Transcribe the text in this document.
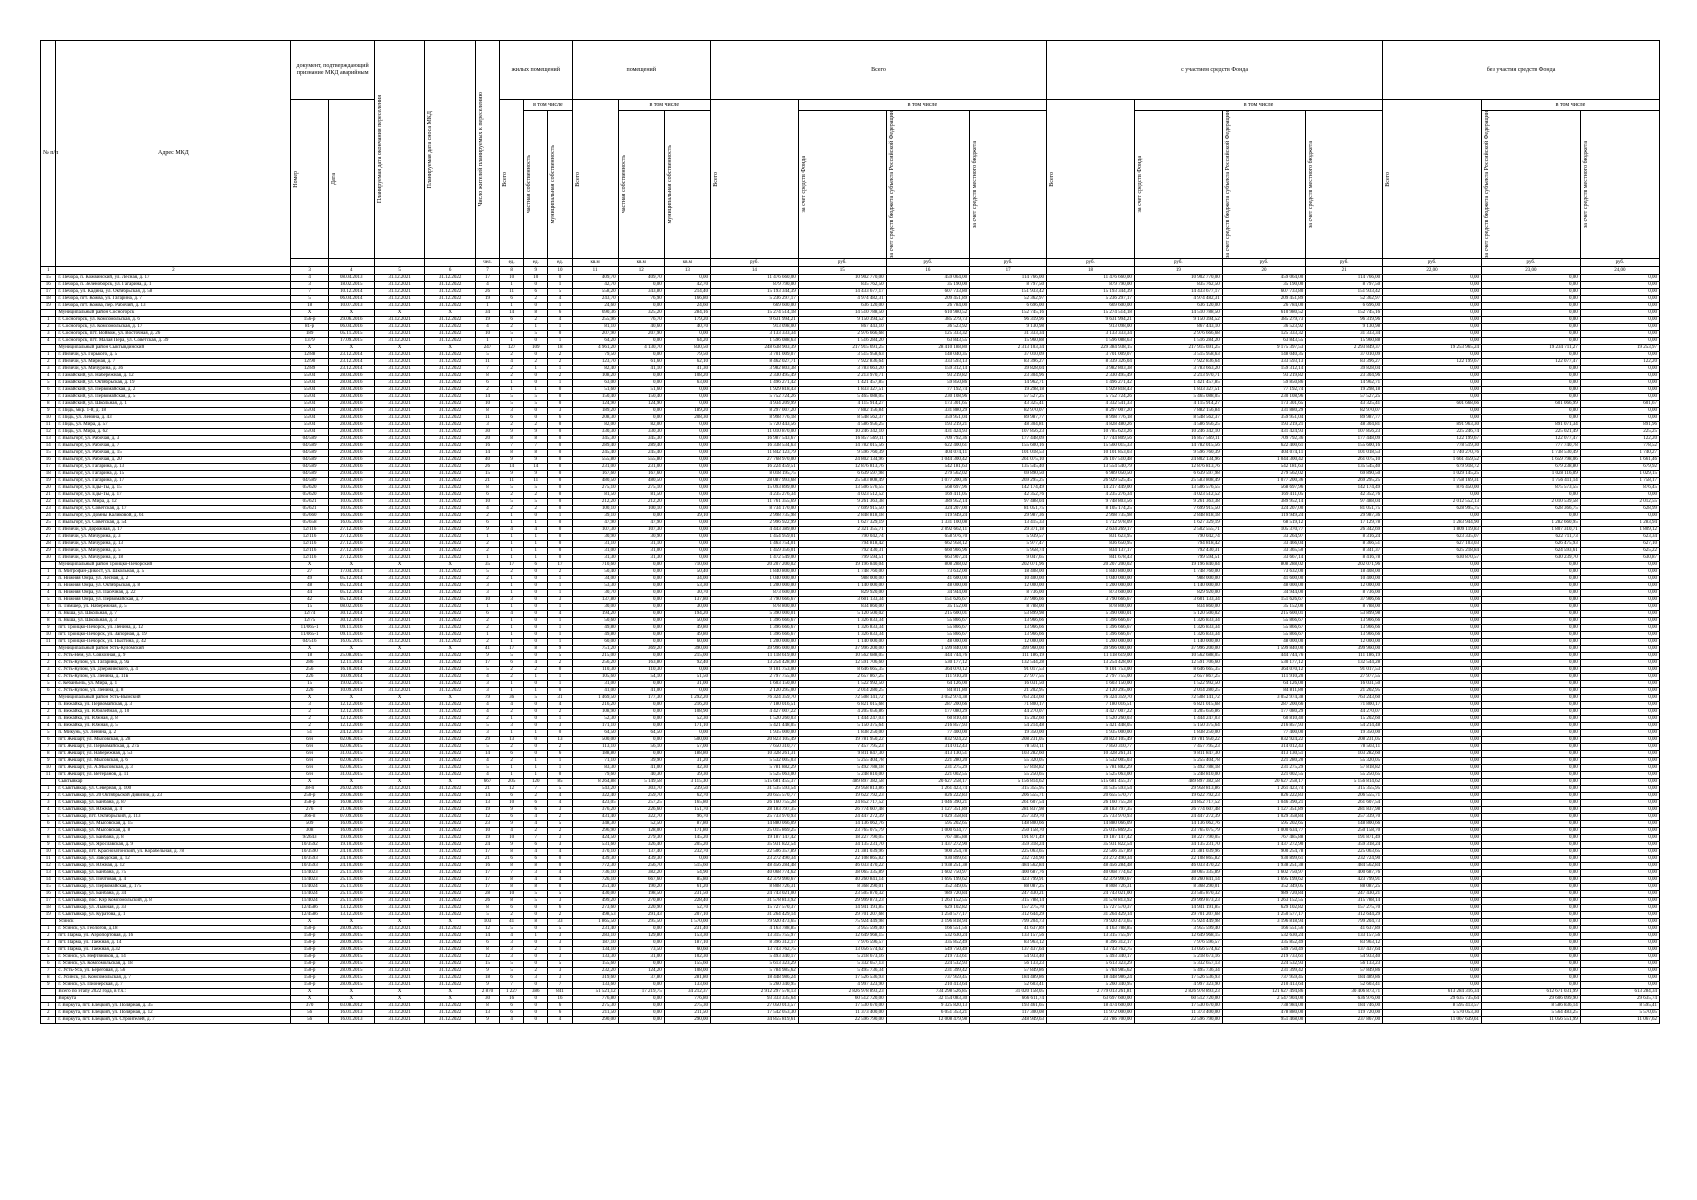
№ п/п	Адрес МКД	документ, подтверждающий признание МКД аварийным		Планируемая дата окончания переселения	Планируемая дата сноса МКД	Число жителей планируемых к переселению	жилых помещений			помещений			Всего				с участием средств Фонда				без участия средств Фонда		

		Номер	Дата				Всего	в том числе		Всего	в том числе		Всего	в том числе			Всего	в том числе			Всего	в том числе	

								частная собственность	муниципальная собственность		частная собственность	муниципальная собственность		за счет средств Фонда	за счет средств бюджета субъекта Российской Федерации	за счет средств местного бюджета		за счет средств Фонда	за счет средств бюджета субъекта Российской Федерации	за счет средств местного бюджета		за счет средств бюджета субъекта Российской Федерации	за счет средств местного бюджета

						чел.	ед.	ед.	ед.	кв.м	кв.м	кв.м	руб.	руб.	руб.	руб.	руб.	руб.	руб.	руб.	руб.	руб.	руб.
1	2	3	4	5	6	7	8	9	10	11	12	13	14	15	16	17	18	19	20	21	22,00	23,00	24,00
15	г. Печора, п. Кожвинский, ул. Лесная, д. 17	4	08.04.2013	31.12.2021	31.12.2022	17	10	10	0	409,70	409,70	0,00	11 476 660,00	10 902 770,00	459 064,00	114 766,00	11 476 660,00	10 902 770,00	459 064,00	114 766,00	0,00	0,00	0,00
16	г. Печора, п. Зеленоборск, ул. Гагарина, д. 1	3	18.02.2015	31.12.2021	31.12.2022	4	1	0	1	42,70	0,00	42,70	879 790,00	835 762,50	35 190,00	8 797,50	879 790,00	835 762,50	35 190,00	8 797,50	0,00	0,00	0,00
17	г. Печора, ул. Кадина, ул. Октябрьская, д. 58	7	10.12.2014	31.12.2021	31.12.2022	26	11	6	5	558,20	343,80	214,40	15 193 344,39	14 433 677,17	607 733,80	151 933,42	15 193 344,39	14 433 677,17	607 733,80	151 933,42	0,00	0,00	0,00
18	г. Печора, пгт. Кожва, ул. Гагарина, д. 7	5	06.04.2014	31.12.2021	31.12.2022	19	6	2	4	243,70	76,90	166,80	5 236 297,17	4 974 482,31	209 451,89	52 362,97	5 236 297,17	4 974 482,31	209 451,89	52 362,97	0,00	0,00	0,00
19	г. Печора, пгт. Кожва, пер. Рабочий, д. 13	18	10.07.2013	31.12.2021	31.12.2022	1	1	0	1	24,60	0,00	24,60	669 600,00	636 120,00	26 784,00	6 696,00	669 600,00	636 120,00	26 784,00	6 696,00	0,00	0,00	0,00
	Муниципальный район Сосногорск	X	X	X	X	34	14	8	6	690,36	325,20	284,16	15 274 514,18	14 510 788,50	610 980,52	152 745,16	15 274 514,18	14 510 788,50	610 980,52	152 745,16	0,00	0,00	0,00
1	г. Сосногорск, ул. Комсомольская, д. 6	156-р	29.06.2016	31.12.2021	31.12.2022	19	6	2	4	255,96	76,70	179,20	9 631 994,21	9 150 394,52	385 279,73	96 319,96	9 631 994,21	9 150 394,52	385 279,73	96 319,96	0,00	0,00	0,00
2	г. Сосногорск, ул. Комсомольская, д. 17	81-р	06.04.2016	31.12.2021	31.12.2022	4	2	1	1	81,10	40,60	40,70	913 098,00	867 443,10	36 523,92	9 130,98	913 098,00	867 443,10	36 523,92	9 130,98	0,00	0,00	0,00
3	г. Сосногорск, пгт. Войвож, ул. Восточная, д. 26	189	05.11.2015	31.12.2021	31.12.2022	10	5	5	0	207,90	207,90	0,00	3 133 333,34	2 976 666,68	125 333,32	31 333,34	3 133 333,34	2 976 666,68	125 333,32	31 333,34	0,00	0,00	0,00
4	г. Сосногорск, пгт. Малая Пера, ул. Советская, д. 39	1379	17.09.2015	31.12.2021	31.12.2022	1	1	0	1	64,20	0,00	64,20	1 596 088,63	1 516 284,20	63 843,55	15 960,88	1 596 088,63	1 516 284,20	63 843,55	15 960,88	0,00	0,00	0,00
	Муниципальный район Сыктывдинский	X	X	X	X	247	127	109	18	4 961,20	4 130,70	830,50	248 638 903,39	217 915 691,25	28 410 188,80	2 313 103,34	229 384 938,15	217 915 691,25	9 175 397,53	2 293 849,37	19 253 965,24	19 234 711,27	19 253,97
1	г. Инзичи, ул. Горького, д. 5	12/88	23.12.2014	31.12.2021	31.12.2022	5	2	0	2	79,50	0,00	79,50	3 701 009,07	3 515 958,63	148 040,35	37 010,09	3 701 009,07	3 515 958,63	148 040,35	37 010,09	0,00	0,00	0,00
2	г. Инзичи, ул. Мирная, д. 7	12/90	23.12.2014	31.12.2021	31.12.2022	11	4	2	2	123,70	61,60	62,10	8 462 027,71	7 922 836,64	333 593,13	83 396,27	8 339 326,04	7 922 836,64	333 593,13	83 396,27	122 199,67	122 077,47	122,20
3	г. Инзичи, ул. Мичурина, д. 36	12/89	23.12.2014	31.12.2021	31.12.2022	7	2	1	1	82,40	41,10	41,30	3 982 803,38	3 783 663,20	159 312,14	39 828,04	3 982 803,38	3 783 663,20	159 312,14	39 828,04	0,00	0,00	0,00
4	г. Гамайский, ул. Набережная, д. 12	55/04	28.04.2016	31.12.2021	31.12.2022	8	2	0	2	108,20	0,00	108,20	2 330 495,49	2 213 970,71	93 219,82	23 304,96	2 330 495,49	2 213 970,71	93 219,82	23 304,96	0,00	0,00	0,00
5	г. Гамайский, ул. Октябрьская, д. 19	55/04	28.04.2016	31.12.2021	31.12.2022	6	1	0	1	63,00	0,00	63,00	1 496 271,42	1 421 457,85	59 850,86	14 962,71	1 496 271,42	1 421 457,85	59 850,86	14 962,71	0,00	0,00	0,00
6	г. Гамайский, ул. Первомайская, д. 2	55/04	28.04.2016	31.12.2021	31.12.2022	2	1	1	0	51,60	51,60	0,00	1 929 818,43	1 833 327,51	77 192,74	19 298,18	1 929 818,43	1 833 327,51	77 192,74	19 298,18	0,00	0,00	0,00
7	г. Гамайский, ул. Первомайская, д. 5	55/04	28.04.2016	31.12.2021	31.12.2022	14	5	5	0	150,40	150,40	0,00	5 752 724,26	5 465 088,05	230 108,96	57 527,25	5 752 724,26	5 465 088,05	230 108,96	57 527,25	0,00	0,00	0,00
8	г. Гамайский, ул. Школьная, д. 1	55/04	28.04.2016	31.12.2021	31.12.2022	10	5	5	0	124,90	124,90	0,00	4 934 209,99	4 115 914,27	173 301,65	43 325,41	4 332 541,33	4 115 914,27	173 301,65	43 325,41	601 668,66	601 066,99	601,67
9	г. Пидь, мкр. 1-й, д. 18	55/04	28.04.2016	31.12.2021	31.12.2022	8	3	0	3	189,20	0,00	189,20	8 297 007,20	7 882 156,84	331 880,29	82 970,07	8 297 007,20	7 882 156,84	331 880,29	82 970,07	0,00	0,00	0,00
10	г. Пидь, ул. Ленина, д. 43	55/04	28.04.2016	31.12.2021	31.12.2022	11	6	0	6	208,30	0,00	208,30	8 998 776,18	8 548 562,37	359 951,04	89 987,77	8 998 776,18	8 548 562,37	359 951,04	89 987,77	0,00	0,00	0,00
11	г. Пидь, ул. Мира, д. 57	55/04	28.04.2016	31.12.2021	31.12.2022	3	2	2	0	82,00	82,00	0,00	5 720 443,56	4 586 956,25	193 219,21	48 304,81	4 828 480,26	4 586 956,25	193 219,21	48 304,81	891 963,30	891 071,34	891,96
12	г. Пидь, ул. Мира, д. 62	55/04	28.04.2016	31.12.2021	31.12.2022	30	9	9	0	330,30	330,30	0,00	11 010 870,00	10 246 342,10	431 424,93	107 856,23	10 785 623,26	10 246 342,10	431 424,93	107 856,23	225 246,74	225 021,49	225,25
13	г. Выльгорт, ул. Рабочая, д. 3	04/589	29.04.2016	31.12.2021	31.12.2022	20	8	8	0	345,30	345,30	0,00	16 987 543,67	16 857 569,11	709 792,36	177 448,09	17 744 809,56	16 857 569,11	709 792,36	177 448,09	122 199,67	122 077,47	122,20
14	г. Выльгорт, ул. Рабочая, д. 7	04/589	29.04.2016	31.12.2021	31.12.2022	16	7	7	0	289,40	289,40	0,00	16 338 534,63	14 782 015,56	622 400,61	155 600,16	15 560 015,33	14 782 015,56	622 400,61	155 600,16	778 519,30	777 740,78	778,52
15	г. Выльгорт, ул. Рабочая, д. 15	04/589	29.04.2016	31.12.2021	31.12.2022	14	8	8	0	245,40	245,40	0,00	11 842 123,79	9 596 760,39	404 074,11	101 018,53	10 101 853,03	9 596 760,39	404 074,11	101 018,53	1 740 270,76	1 738 530,49	1 740,27
16	г. Выльгорт, ул. Рабочая, д. 20	04/589	29.04.2016	31.12.2021	31.12.2022	40	9	9	0	555,80	555,80	0,00	27 768 970,00	24 802 134,96	1 044 300,42	261 075,10	26 107 510,48	24 802 134,96	1 044 300,42	261 075,10	1 661 459,52	1 659 798,06	1 661,46
17	г. Выльгорт, ул. Гагарина, д. 13	04/589	29.04.2016	31.12.2021	31.12.2022	26	14	14	0	231,00	231,00	0,00	16 224 459,51	12 876 813,76	542 181,63	135 545,40	13 554 540,79	12 876 813,76	542 181,63	135 545,40	679 918,72	679 238,80	679,92
18	г. Выльгорт, ул. Гагарина, д. 15	04/589	29.04.2016	31.12.2021	31.12.2022	15	9	9	0	167,60	167,60	0,00	8 018 195,75	6 639 597,98	279 562,02	69 890,50	6 989 050,50	6 639 597,98	279 562,02	69 890,50	1 029 145,25	1 028 116,09	1 029,15
19	г. Выльгорт, ул. Гагарина, д. 17	04/589	29.04.2016	31.12.2021	31.12.2022	21	11	11	0	480,50	480,50	0,00	28 087 993,68	25 583 808,49	1 077 200,36	269 295,25	26 929 525,45	25 583 808,49	1 077 200,36	269 295,25	1 758 169,31	1 756 411,14	1 758,17
20	г. Выльгорт, ул. Еды-Ты, д. 15	05/620	10.05.2016	31.12.2021	31.12.2022	8	5	5	0	275,10	275,10	0,00	15 093 899,00	13 506 576,55	568 697,96	142 174,49	14 217 449,00	13 506 576,55	568 697,96	142 174,49	876 450,00	875 573,55	876,45
21	г. Выльгорт, ул. Еды-Ты, д. 17	05/620	10.05.2016	31.12.2021	31.12.2022	6	2	2	0	81,50	81,50	0,00	4 235 276,34	4 023 512,52	169 411,05	42 352,76	4 235 276,34	4 023 512,52	169 411,05	42 352,76	0,00	0,00	0,00
22	г. Выльгорт, ул. Мира, д. 12	05/621	10.05.2016	31.12.2021	31.12.2022	10	5	5	0	212,20	212,20	0,00	11 761 355,69	9 261 363,38	389 952,14	97 488,04	9 748 803,56	9 261 363,38	389 952,14	97 488,04	2 012 552,13	2 010 539,58	2 012,55
23	г. Выльгорт, ул. Советская, д. 17	05/621	10.05.2016	31.12.2021	31.12.2022	4	2	2	0	100,10	100,10	0,00	8 734 170,00	7 699 915,50	324 207,00	81 051,75	8 105 174,25	7 699 915,50	324 207,00	81 051,75	628 995,75	628 366,75	628,99
24	г. Выльгорт, ул. Домны Каликовой, д. 61	05/660	16.05.2016	31.12.2021	31.12.2022	2	1	0	1	39,10	0,00	39,10	2 998 735,98	2 848 818,18	119 949,24	29 987,36	2 998 735,98	2 848 818,18	119 949,24	29 987,36	0,00	0,00	0,00
25	г. Выльгорт, ул. Советская, д. 54	05/658	16.05.2016	31.12.2021	31.12.2022	6	1	1	0	47,90	47,90	0,00	2 996 922,99	1 627 329,19	1 331 100,08	13 415,33	1 712 978,09	1 627 329,19	68 519,12	17 129,78	1 283 944,90	1 282 660,95	1 283,94
26	г. Инзичи, ул. Дорожная, д. 17	12/116	27.12.2016	31.12.2021	31.12.2022	9	4	4	0	107,30	107,30	0,00	4 443 389,00	2 321 355,71	2 092 662,11	29 371,18	2 634 269,17	2 502 555,71	105 370,77	26 342,69	1 809 119,83	1 807 310,71	1 809,12
27	г. Инзичи, ул. Мичурина, д. 3	12/116	27.12.2016	31.12.2021	31.12.2022	1	1	1	0	30,90	30,90	0,00	1 454 959,01	790 042,74	658 976,70	5 939,57	831 623,95	790 042,74	33 264,97	8 316,24	623 335,07	622 711,73	623,34
28	г. Инзичи, ул. Мичурина, д. 13	12/116	27.12.2016	31.12.2021	31.12.2022	2	1	1	0	31,10	31,10	0,00	1 463 754,01	794 818,42	662 958,12	5 977,47	836 650,95	794 818,42	33 466,04	8 366,51	627 103,03	626 475,93	627,10
29	г. Инзичи, ул. Мичурина, д. 5	12/116	27.12.2016	31.12.2021	31.12.2022	2	1	1	0	31,00	31,00	0,00	1 459 356,01	792 430,31	660 966,96	5 958,74	834 137,17	792 430,31	33 365,50	8 341,37	625 218,84	624 593,61	625,22
30	г. Инзичи, ул. Мичурина, д. 18	12/116	27.12.2016	31.12.2021	31.12.2022	1	1	1	0	31,30	31,30	0,00	1 472 549,00	799 594,51	663 907,24	9 047,65	841 678,43	799 594,51	33 667,14	8 416,78	630 870,57	630 239,70	630,87
	Муниципальный район Троицко-Печорский	X	X	X	X	35	17	6	17	710,60	0,00	710,60	20 207 200,02	19 196 840,04	808 288,02	202 071,96	20 207 200,02	19 196 840,04	808 288,02	202 071,96	0,00	0,00	0,00
1	п. Митрофан-Дикост, ул. Школьная, д. 5	27	17.04.2013	31.12.2021	31.12.2022	5	2	0	2	50,40	0,00	50,40	1 840 800,00	1 748 760,00	73 632,00	18 408,00	1 840 800,00	1 748 760,00	73 632,00	18 408,00	0,00	0,00	0,00
2	п. Нижняя Омра, ул. Лесная, д. 2	49	05.12.2014	31.12.2021	31.12.2022	2	1	0	1	34,00	0,00	34,00	1 040 000,00	988 000,00	41 600,00	10 400,00	1 040 000,00	988 000,00	41 600,00	10 400,00	0,00	0,00	0,00
3	п. Нижняя Омра, ул. Октябрьская, д. 8	48	05.12.2014	31.12.2021	31.12.2022	3	1	0	1	53,30	0,00	53,30	1 200 000,00	1 140 000,00	48 000,00	12 000,00	1 200 000,00	1 140 000,00	48 000,00	12 000,00	0,00	0,00	0,00
4	п. Нижняя Омра, ул. Пасечная, д. 22	44	05.12.2014	31.12.2021	31.12.2022	3	1	0	1	30,70	0,00	30,70	873 600,00	829 920,00	34 944,00	8 736,00	873 600,00	829 920,00	34 944,00	8 736,00	0,00	0,00	0,00
5	п. Нижняя Омра, ул. Первомайская, д. 7	42	05.12.2014	31.12.2021	31.12.2022	10	3	0	3	137,80	0,00	137,80	3 790 666,67	3 601 133,34	151 626,67	37 906,66	3 790 666,67	3 601 133,34	151 626,67	37 906,66	0,00	0,00	0,00
6	п. Тимшер, ул. Набережная, д. 5	15	08.02.2016	31.12.2021	31.12.2022	1	1	0	1	30,00	0,00	30,00	878 800,00	834 860,00	35 152,00	8 788,00	878 800,00	834 860,00	35 152,00	8 788,00	0,00	0,00	0,00
7	п. Якша, ул. Школьная, д. 7	12/74	30.12.2014	31.12.2021	31.12.2022	6	4	0	4	194,20	0,00	194,20	5 390 000,01	5 120 500,02	215 600,01	53 899,98	5 390 000,01	5 120 500,02	215 600,01	53 899,98	0,00	0,00	0,00
8	п. Якша, ул. Школьная, д. 3	12/75	30.12.2014	31.12.2021	31.12.2022	2	1	0	1	50,60	0,00	50,60	1 396 666,67	1 326 833,34	55 866,67	13 966,66	1 396 666,67	1 326 833,34	55 866,67	13 966,66	0,00	0,00	0,00
9	пгт. Троицко-Печорск, ул. Ленина, д. 12	11/065-1	09.11.2016	31.12.2021	31.12.2022	2	1	0	1	49,80	0,00	49,80	1 396 666,67	1 326 833,34	55 866,67	13 966,66	1 396 666,67	1 326 833,34	55 866,67	13 966,66	0,00	0,00	0,00
10	пгт. Троицко-Печорск, ул. Запорная, д. 19	11/065-1	09.11.2016	31.12.2021	31.12.2022	1	1	0	1	49,80	0,00	49,80	1 396 666,67	1 326 833,34	55 866,67	13 966,66	1 396 666,67	1 326 833,34	55 866,67	13 966,66	0,00	0,00	0,00
11	пгт. Троицко-Печорск, ул. Пыстина, д. 42	04/516	16.05.2015	31.12.2021	31.12.2022	2	1	0	1	60,00	0,00	60,00	1 200 000,00	1 140 000,00	48 000,00	12 000,00	1 200 000,00	1 140 000,00	48 000,00	12 000,00	0,00	0,00	0,00
	Муниципальный район Усть-Куломский	X	X	X	X	41	17	8	9	751,20	369,20	390,00	39 996 000,00	37 996 200,00	1 599 840,00	399 960,00	39 996 000,00	37 996 200,00	1 599 840,00	399 960,00	0,00	0,00	0,00
1	с. Усть-Нем, ул. Совхозная, д. 9	18	25.08.2015	31.12.2021	31.12.2022	9	5	0	5	215,00	0,00	215,00	11 118 619,00	10 562 688,05	444 744,76	111 186,19	11 118 619,00	10 562 688,05	444 744,76	111 186,19	0,00	0,00	0,00
2	с. Усть-Кулом, ул. Гагарина, д. 9а	286	12.11.2014	31.12.2021	31.12.2022	17	6	4	2	256,20	163,80	92,40	13 254 428,00	12 591 706,60	530 177,12	132 544,28	13 254 428,00	12 591 706,60	530 177,12	132 544,28	0,00	0,00	0,00
3	с. Усть-Кулом, ул. Дзержинского, д. 4	256	16.10.2014	31.12.2021	31.12.2022	5	2	2	0	110,30	110,30	0,00	9 101 753,00	8 646 665,35	364 070,12	91 017,53	9 101 753,00	8 646 665,35	364 070,12	91 017,53	0,00	0,00	0,00
4	с. Усть-Кулом, ул. Ленина, д. 11в	226	10.09.2014	31.12.2021	31.12.2022	4	2	1	1	105,60	54,10	51,50	2 797 755,00	2 657 867,25	111 910,20	27 977,55	2 797 755,00	2 657 867,25	111 910,20	27 977,55	0,00	0,00	0,00
5	с. Кебанъель, ул. Мира, д. 1	15	19.02.2015	31.12.2021	31.12.2022	3	1	0	1	31,00	0,00	31,00	1 603 150,00	1 522 992,50	64 126,00	16 031,50	1 603 150,00	1 522 992,50	64 126,00	16 031,50	0,00	0,00	0,00
6	с. Усть-Кулом, ул. Ленина, д. 8	226	10.09.2014	31.12.2021	31.12.2022	3	1	1	0	41,00	41,00	0,00	2 120 295,00	2 014 280,25	84 811,80	21 202,95	2 120 295,00	2 014 280,25	84 811,80	21 202,95	0,00	0,00	0,00
	Муниципальный район Усть-Вымский	X	X	X	X	79	36	5	31	1 469,50	177,30	1 292,20	76 324 359,70	72 508 141,72	3 052 974,38	763 243,60	76 324 359,70	72 508 141,72	3 052 974,38	763 243,60	0,00	0,00	0,00
1	п. Вежайка, ул. Первомайская, д. 3	3	12.12.2016	31.12.2021	31.12.2022	4	4	0	4	216,20	0,00	216,20	7 180 016,51	6 821 015,68	287 200,66	71 800,17	7 180 016,51	6 821 015,68	287 200,66	71 800,17	0,00	0,00	0,00
2	п. Вежайка, ул. Юбилейная, д. 10	2	12.12.2016	31.12.2021	31.12.2022	4	2	0	2	108,90	0,00	108,90	4 427 007,22	4 205 656,86	177 080,29	44 270,07	4 427 007,22	4 205 656,86	177 080,29	44 270,07	0,00	0,00	0,00
3	п. Вежайка, ул. Южная, д. 8	2	12.12.2016	31.12.2021	31.12.2022	2	1	0	1	52,30	0,00	52,30	1 520 260,03	1 444 247,03	60 810,40	15 202,60	1 520 260,03	1 444 247,03	60 810,40	15 202,60	0,00	0,00	0,00
4	п. Вежайка, ул. Южная, д. 5	2	12.12.2016	31.12.2021	31.12.2022	5	3	0	3	171,10	0,00	171,10	5 421 448,05	5 150 375,64	216 857,93	54 214,48	5 421 448,05	5 150 375,64	216 857,93	54 214,48	0,00	0,00	0,00
5	п. Микунь, ул. Ленина, д. 2	51	24.12.2013	31.12.2021	31.12.2022	3	1	1	0	64,50	64,50	0,00	1 935 000,00	1 838 250,00	77 400,00	19 350,00	1 935 000,00	1 838 250,00	77 400,00	19 350,00	0,00	0,00	0,00
6	пгт. Жешарт, ул. Мысовская, д. 28	б/н	02.06.2015	31.12.2021	31.12.2022	29	13	0	13	500,00	0,00	500,00	20 823 105,49	19 781 950,22	832 924,22	208 231,05	20 823 105,49	19 781 950,22	832 924,22	208 231,05	0,00	0,00	0,00
7	пгт. Жешарт, ул. Первомайская, д. 27а	б/н	02.06.2015	31.12.2021	31.12.2022	5	2	0	2	113,10	56,10	57,00	7 650 310,77	7 457 795,23	314 012,43	78 503,11	7 850 310,77	7 457 795,23	314 012,43	78 503,11	0,00	0,00	0,00
8	пгт. Жешарт, ул. Набережная, д. 53	б/н	31.03.2015	31.12.2021	31.12.2022	14	6	0	6	188,80	0,00	188,80	10 328 261,31	9 811 847,30	413 130,51	103 282,60	10 328 261,31	9 811 847,30	413 130,51	103 282,60	0,00	0,00	0,00
9	пгт. Жешарт, ул. Мысовская, д. 6	б/н	02.06.2015	31.12.2021	31.12.2022	4	2	1	1	71,10	39,90	31,20	5 532 005,03	5 255 404,78	221 280,20	55 320,05	5 532 005,03	5 255 404,78	221 280,20	55 320,05	0,00	0,00	0,00
10	пгт. Жешарт, ул. А.Мысовская, д. 3	б/н	02.06.2015	31.12.2021	31.12.2022	5	1	1	1	83,30	41,00	42,30	5 781 882,29	5 492 788,18	231 275,29	57 818,82	5 781 882,29	5 492 788,18	231 275,29	57 818,82	0,00	0,00	0,00
11	пгт. Жешарт, ул. Ветеранов, д. 11	б/н	31.03.2015	31.12.2021	31.12.2022	4	1	1	0	79,60	40,30	39,30	5 525 063,00	5 248 810,00	221 002,55	55 250,65	5 525 063,00	5 248 810,00	221 002,55	55 250,65	0,00	0,00	0,00
	Сыктывкар	X	X	X	X	667	205	120	85	8 264,88	5 149,58	3 115,30	515 681 455,37	489 897 382,58	20 627 258,17	5 156 814,62	515 681 455,37	489 897 382,58	20 627 258,17	5 156 814,62	0,00	0,00	0,00
1	г. Сыктывкар, ул. Северная, д. 100	38-п	26.02.2016	31.12.2021	31.12.2022	21	12	7	5	543,20	303,70	239,50	31 535 593,54	29 958 813,86	1 261 423,74	315 355,95	31 535 593,54	29 958 813,86	1 261 423,74	315 355,95	0,00	0,00	0,00
2	г. Сыктывкар, ул. 20 Октябрьской Дивизии, д. 23	250-р	29.06.2016	31.12.2021	31.12.2022	14	6	2	4	322,40	259,70	62,70	20 655 570,77	19 622 792,23	826 222,83	206 555,71	20 655 570,77	19 622 792,23	826 222,83	206 555,71	0,00	0,00	0,00
3	г. Сыктывкар, ул. Банбана, д. 87	358-р	16.08.2016	31.12.2021	31.12.2022	13	10	6	4	423,05	257,25	165,80	26 160 755,28	24 852 717,52	1 046 390,21	261 607,54	26 160 755,28	24 852 717,52	1 046 390,21	261 607,54	0,00	0,00	0,00
4	г. Сыктывкар, ул. Южная, д. 4	276	21.06.2016	31.12.2021	31.12.2022	19	9	6	3	376,20	226,60	151,70	28 183 797,35	26 774 607,48	1 127 351,89	281 837,98	28 183 797,35	26 774 607,48	1 127 351,89	281 837,98	0,00	0,00	0,00
5	г. Сыктывкар, пгт. Октябрьский, д. 113	366-п	07.09.2016	31.12.2021	31.12.2022	12	6	4	2	431,40	322,70	96,70	25 733 970,93	24 447 272,39	1 029 358,84	257 339,70	25 733 970,93	24 447 272,39	1 029 358,84	257 339,70	0,00	0,00	0,00
6	г. Сыктывкар, ул. Мысовская, д. 15	509	16.09.2016	31.12.2021	31.12.2022	23	9	4	5	348,30	52,50	87,80	14 880 066,09	14 136 062,76	595 202,65	148 800,66	14 880 066,09	14 136 062,76	595 202,65	148 800,66	0,00	0,00	0,00
7	г. Сыктывкар, ул. Мысовская, д. 8	308	16.09.2016	31.12.2021	31.12.2022	10	4	2	2	296,90	128,00	171,80	25 015 869,25	23 765 075,79	1 000 634,77	250 158,70	25 015 869,25	23 765 075,79	1 000 634,77	250 158,70	0,00	0,00	0,00
8	г. Сыктывкар, ул. Банбана, д. 8	9/2643	19.09.2016	31.12.2021	31.12.2022	19	10	7	3	424,50	279,30	145,20	19 187 147,42	18 227 790,05	767 485,88	191 871,49	19 187 147,42	18 227 790,05	767 485,88	191 871,49	0,00	0,00	0,00
9	г. Сыктывкар, ул. Ярославская, д. 9	10/3592	19.10.2016	31.12.2021	31.12.2022	24	9	6	3	531,60	326,40	205,20	35 931 822,54	34 135 231,70	1 437 272,90	359 318,24	35 931 822,54	34 135 231,70	1 437 272,90	359 318,24	0,00	0,00	0,00
10	г. Сыктывкар, пгт. Краснозатонский, ул. Корабельная, д. 78	10/3590	24.10.2016	31.12.2021	31.12.2022	17	8	4	4	370,10	137,40	232,70	22 506 357,89	21 381 039,96	900 254,78	225 063,65	22 506 357,89	21 381 039,96	900 254,78	225 063,65	0,00	0,00	0,00
11	г. Сыктывкар, ул. Заводская, д. 12	10/3593	24.10.2016	31.12.2021	31.12.2022	21	6	6	0	439,30	439,30	0,00	23 272 490,34	22 108 865,82	930 899,61	232 724,90	23 272 490,34	22 108 865,82	930 899,61	232 724,90	0,00	0,00	0,00
12	г. Сыктывкар, ул. Южная, д. 12	10/3593	24.10.2016	31.12.2021	31.12.2022	16	8	8	0	772,30	256,70	515,60	48 456 284,48	46 033 470,22	1 938 251,38	484 562,84	48 456 284,48	46 033 470,22	1 938 251,38	484 562,84	0,00	0,00	0,00
13	г. Сыктывкар, ул. Банбана, д. 75	11/4023	25.11.2016	31.12.2021	31.12.2022	17	7	3	4	736,10	382,20	54,90	40 068 774,62	38 065 335,89	1 602 750,97	400 687,76	40 068 774,62	38 065 335,89	1 602 750,97	400 687,76	0,00	0,00	0,00
14	г. Сыктывкар, ул. Почтовая, д. 4	11/4023	25.11.2016	31.12.2021	31.12.2022	17	8	4	4	726,10	667,60	85,80	42 379 990,67	40 260 841,14	1 695 199,62	423 799,91	42 379 990,67	40 260 841,14	1 695 199,62	423 799,91	0,00	0,00	0,00
15	г. Сыктывкар, ул. Первомайская, д. 175	11/4024	25.11.2016	31.12.2021	31.12.2022	17	8	8	0	251,40	190,20	61,20	8 808 726,31	8 368 290,01	352 349,05	88 087,25	8 808 726,31	8 368 290,01	352 349,05	88 087,25	0,00	0,00	0,00
16	г. Сыктывкар, ул. Банбана, д. 34	11/4024	25.11.2016	31.12.2021	31.12.2022	28	10	5	5	430,00	198,50	231,50	24 743 021,00	23 505 870,32	989 720,84	247 430,21	24 743 021,00	23 505 870,32	989 720,84	247 430,21	0,00	0,00	0,00
17	г. Сыктывкар, пос. Кэр Комсомольский, д. 8	11/4024	25.11.2016	31.12.2021	31.12.2022	26	8	5	3	499,20	270,80	228,40	31 578 813,92	29 999 873,23	1 263 152,55	315 788,14	31 578 813,92	29 999 873,23	1 263 152,55	315 788,14	0,00	0,00	0,00
18	г. Сыктывкар, ул. Лыжная, д. 33	12/4586	13.12.2016	31.12.2021	31.12.2022	8	6	0	6	273,60	220,90	52,70	15 727 570,37	14 941 191,85	629 102,82	157 275,70	15 727 570,37	14 941 191,85	629 102,82	157 275,70	0,00	0,00	0,00
19	г. Сыктывкар, ул. Куратова, д. 1	12/4586	13.12.2016	31.12.2021	31.12.2022	5	2	0	2	498,53	291,43	207,10	31 264 429,14	29 701 207,68	1 250 577,17	312 644,29	31 264 429,14	29 701 207,68	1 250 577,17	312 644,29	0,00	0,00	0,00
	Усинск	X	X	X	X	103	41	8	33	1 865,50	295,50	1 570,00	79 920 473,65	75 924 449,98	3 196 818,94	799 204,73	79 920 473,65	75 924 449,98	3 196 818,94	799 204,73	0,00	0,00	0,00
1	г. Усинск, ул. Геологов, д.18	150-р	28.09.2015	31.12.2021	31.12.2022	12	5	0	5	231,40	0,00	231,40	4 163 788,85	3 955 599,40	166 551,56	41 637,89	4 163 788,85	3 955 599,40	166 551,56	41 637,89	0,00	0,00	0,00
2	пгт. Парма, ул. Аэропортовая, д. 16	150-р	28.09.2015	31.12.2021	31.12.2022	14	4	1	3	283,10	129,80	153,30	13 315 755,97	12 649 968,15	532 630,24	133 157,56	13 315 755,97	12 649 968,15	532 630,24	133 157,56	0,00	0,00	0,00
3	пгт. Парма, ул. Таежная, д. 14	150-р	28.09.2015	31.12.2021	31.12.2022	6	3	0	3	187,10	0,00	187,10	8 396 312,17	7 976 596,57	335 852,49	83 963,12	8 396 312,17	7 976 596,57	335 852,49	83 963,12	0,00	0,00	0,00
4	пгт. Парма, ул. Таежная, д.32	150-р	28.09.2015	31.12.2021	31.12.2022	8	3	2	1	134,10	73,50	60,60	13 743 762,75	13 056 574,62	549 750,49	137 437,64	13 743 762,75	13 056 574,62	549 750,49	137 437,64	0,00	0,00	0,00
5	г. Усинск, ул. Нефтяников, д. 14	150-р	28.09.2015	31.12.2021	31.12.2022	12	3	0	3	133,30	31,00	102,30	5 493 340,17	5 218 673,16	219 733,61	54 933,40	5 493 340,17	5 218 673,16	219 733,61	54 933,40	0,00	0,00	0,00
6	г. Усинск, ул. Комсомольская, д. 18	150-р	28.09.2015	31.12.2021	31.12.2022	15	5	0	5	155,60	0,00	155,60	5 613 323,29	5 332 657,13	224 532,93	56 133,23	5 613 323,29	5 332 657,13	224 532,93	56 133,23	0,00	0,00	0,00
7	с. Усть-Уса, ул. Береговая, д. 56	150-р	28.09.2015	31.12.2021	31.12.2022	9	5	2	3	232,20	124,20	108,00	5 784 985,62	5 495 736,34	231 399,42	57 849,86	5 784 985,62	5 495 736,34	231 399,42	57 849,86	0,00	0,00	0,00
8	с. Усинск, ул. Комсомольская, д. 7	150-р	28.09.2015	31.12.2021	31.12.2022	18	6	3	3	319,60	37,80	281,80	18 448 986,24	17 526 536,93	737 959,45	184 489,86	18 448 986,24	17 526 536,93	737 959,45	184 489,86	0,00	0,00	0,00
9	г. Усинск, ул. Пионерская, д. 7	150-р	28.09.2015	31.12.2021	31.12.2022	9	7	0	7	133,60	0,00	133,60	5 260 340,95	4 997 323,90	210 413,64	52 603,41	5 260 340,95	4 997 323,90	210 413,64	52 603,41	0,00	0,00	0,00
	Всего по этапу 2022 года, в т.ч.:	X	X	X	X	2 870	1 227	386	841	51 521,12	17 219,75	34 212,37	2 912 297 578,13	2 826 978 893,23	734 298 526,85	31 020 158,05	2 779 013 261,81	2 826 978 893,23	121 627 494,86	30 406 873,71	613 284 316,34	612 671 031,99	613 284,34
	Воркута	X	X	X	X	30	16	0	16	776,80	0,00	776,80	93 333 335,64	60 512 720,00	32 154 083,30	666 611,74	63 697 600,00	60 512 720,00	2 547 904,00	636 976,00	29 635 735,64	29 606 099,90	29 635,74
1	г. Воркута, пгт. Елецкий, ул. Полярная, д. 35	370	03.08.2012	31.12.2021	31.12.2022	8	6	0	6	275,30	0,00	275,30	27 050 013,57	17 530 670,00	9 325 820,13	193 461,65	18 474 600,00	17 530 670,00	738 984,00	184 746,00	8 595 413,57	8 586 836,14	8 595,41
2	г. Воркута, пгт. Елецкий, ул. Полярная, д. 12	56	16.01.2013	31.12.2021	31.12.2022	13	6	0	6	211,50	0,00	211,50	17 542 053,30	11 373 400,00	6 051 353,21	117 300,08	11 972 000,00	11 373 400,00	478 880,00	119 720,00	5 570 053,30	5 564 483,25	5 570,05
3	г. Воркута, пгт. Елецкий, ул. Строителей, д. 7	56	16.01.2013	31.12.2021	31.12.2022	9	4	0	4	290,00	0,00	290,00	34 855 819,61	22 596 790,00	12 008 479,98	248 949,63	23 786 700,00	22 596 790,00	951 468,00	237 867,00	11 067 639,61	11 056 551,99	11 067,62
